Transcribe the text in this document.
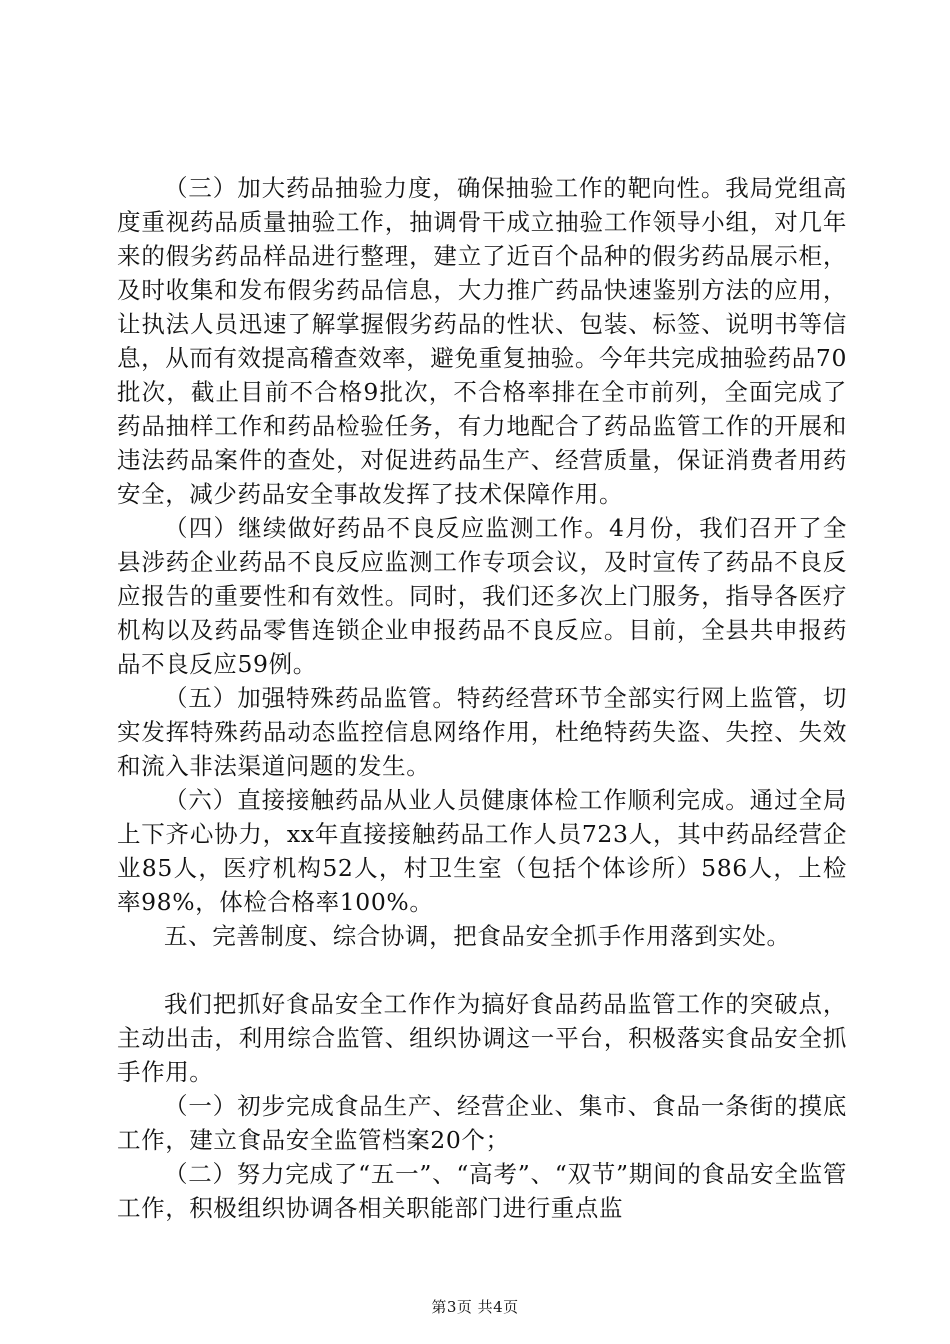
（三）加大药品抽验力度，确保抽验工作的靶向性。我局党组高度重视药品质量抽验工作，抽调骨干成立抽验工作领导小组，对几年来的假劣药品样品进行整理，建立了近百个品种的假劣药品展示柜，及时收集和发布假劣药品信息，大力推广药品快速鉴别方法的应用，让执法人员迅速了解掌握假劣药品的性状、包装、标签、说明书等信息，从而有效提高稽查效率，避免重复抽验。今年共完成抽验药品70批次，截止目前不合格9批次，不合格率排在全市前列，全面完成了药品抽样工作和药品检验任务，有力地配合了药品监管工作的开展和违法药品案件的查处，对促进药品生产、经营质量，保证消费者用药安全，减少药品安全事故发挥了技术保障作用。

（四）继续做好药品不良反应监测工作。4月份，我们召开了全县涉药企业药品不良反应监测工作专项会议，及时宣传了药品不良反应报告的重要性和有效性。同时，我们还多次上门服务，指导各医疗机构以及药品零售连锁企业申报药品不良反应。目前，全县共申报药品不良反应59例。

（五）加强特殊药品监管。特药经营环节全部实行网上监管，切实发挥特殊药品动态监控信息网络作用，杜绝特药失盗、失控、失效和流入非法渠道问题的发生。

（六）直接接触药品从业人员健康体检工作顺利完成。通过全局上下齐心协力，xx年直接接触药品工作人员723人，其中药品经营企业85人，医疗机构52人，村卫生室（包括个体诊所）586人，上检率98%，体检合格率100%。

五、完善制度、综合协调，把食品安全抓手作用落到实处。

我们把抓好食品安全工作作为搞好食品药品监管工作的突破点，主动出击，利用综合监管、组织协调这一平台，积极落实食品安全抓手作用。

（一）初步完成食品生产、经营企业、集市、食品一条街的摸底工作，建立食品安全监管档案20个；

（二）努力完成了“五一”、“高考”、“双节”期间的食品安全监管工作，积极组织协调各相关职能部门进行重点监

第3页 共4页
